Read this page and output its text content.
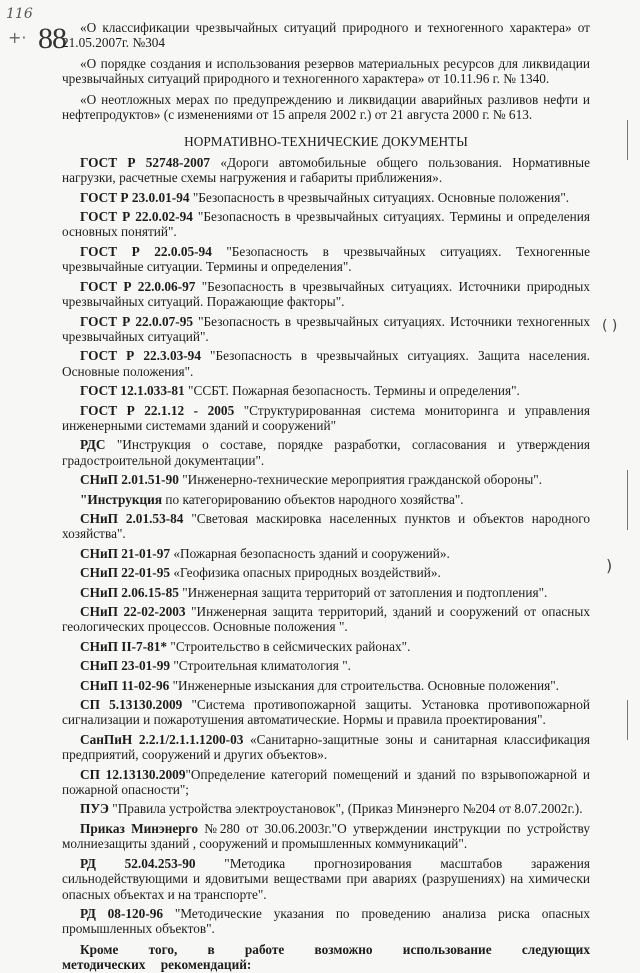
116
+· 88
( )
)

«О классификации чрезвычайных ситуаций природного и техногенного характера» от 21.05.2007г. №304

«О порядке создания и использования резервов материальных ресурсов для ликвидации чрезвычайных ситуаций природного и техногенного характера» от 10.11.96 г. № 1340.

«О неотложных мерах по предупреждению и ликвидации аварийных разливов нефти и нефтепродуктов» (с изменениями от 15 апреля 2002 г.) от 21 августа 2000 г. № 613.

НОРМАТИВНО-ТЕХНИЧЕСКИЕ ДОКУМЕНТЫ

ГОСТ Р 52748-2007 «Дороги автомобильные общего пользования. Нормативные нагрузки, расчетные схемы нагружения и габариты приближения».

ГОСТ Р 23.0.01-94 "Безопасность в чрезвычайных ситуациях. Основные положения".

ГОСТ Р 22.0.02-94 "Безопасность в чрезвычайных ситуациях. Термины и определения основных понятий".

ГОСТ Р 22.0.05-94 "Безопасность в чрезвычайных ситуациях. Техногенные чрезвычайные ситуации. Термины и определения".

ГОСТ Р 22.0.06-97 "Безопасность в чрезвычайных ситуациях. Источники природных чрезвычайных ситуаций. Поражающие факторы".

ГОСТ Р 22.0.07-95 "Безопасность в чрезвычайных ситуациях. Источники техногенных чрезвычайных ситуаций".

ГОСТ Р 22.3.03-94 "Безопасность в чрезвычайных ситуациях. Защита населения. Основные положения".

ГОСТ 12.1.033-81 "ССБТ. Пожарная безопасность. Термины и определения".

ГОСТ Р 22.1.12 - 2005 "Структурированная система мониторинга и управления инженерными системами зданий и сооружений"

РДС "Инструкция о составе, порядке разработки, согласования и утверждения градостроительной документации".

СНиП 2.01.51-90 "Инженерно-технические мероприятия гражданской обороны".

"Инструкция по категорированию объектов народного хозяйства".

СНиП 2.01.53-84 "Световая маскировка населенных пунктов и объектов народного хозяйства".

СНиП 21-01-97 «Пожарная безопасность зданий и сооружений».

СНиП 22-01-95 «Геофизика опасных природных воздействий».

СНиП 2.06.15-85 "Инженерная защита территорий от затопления и подтопления".

СНиП 22-02-2003 "Инженерная защита территорий, зданий и сооружений от опасных геологических процессов. Основные положения ".

СНиП II-7-81* "Строительство в сейсмических районах".

СНиП 23-01-99 "Строительная климатология ".

СНиП 11-02-96 "Инженерные изыскания для строительства. Основные положения".

СП 5.13130.2009 "Система противопожарной защиты. Установка противопожарной сигнализации и пожаротушения автоматические. Нормы и правила проектирования".

СанПиН 2.2.1/2.1.1.1200-03 «Санитарно-защитные зоны и санитарная классификация предприятий, сооружений и других объектов».

СП 12.13130.2009"Определение категорий помещений и зданий по взрывопожарной и пожарной опасности";

ПУЭ "Правила устройства электроустановок", (Приказ Минэнерго №204 от 8.07.2002г.).

Приказ Минэнерго №280 от 30.06.2003г."О утверждении инструкции по устройству молниезащиты зданий , сооружений и промышленных коммуникаций".

РД 52.04.253-90 "Методика прогнозирования масштабов заражения сильнодействующими и ядовитыми веществами при авариях (разрушениях) на химически опасных объектах и на транспорте".

РД 08-120-96 "Методические указания по проведению анализа риска опасных промышленных объектов".

Кроме того, в работе возможно использование следующих методических рекомендаций:
